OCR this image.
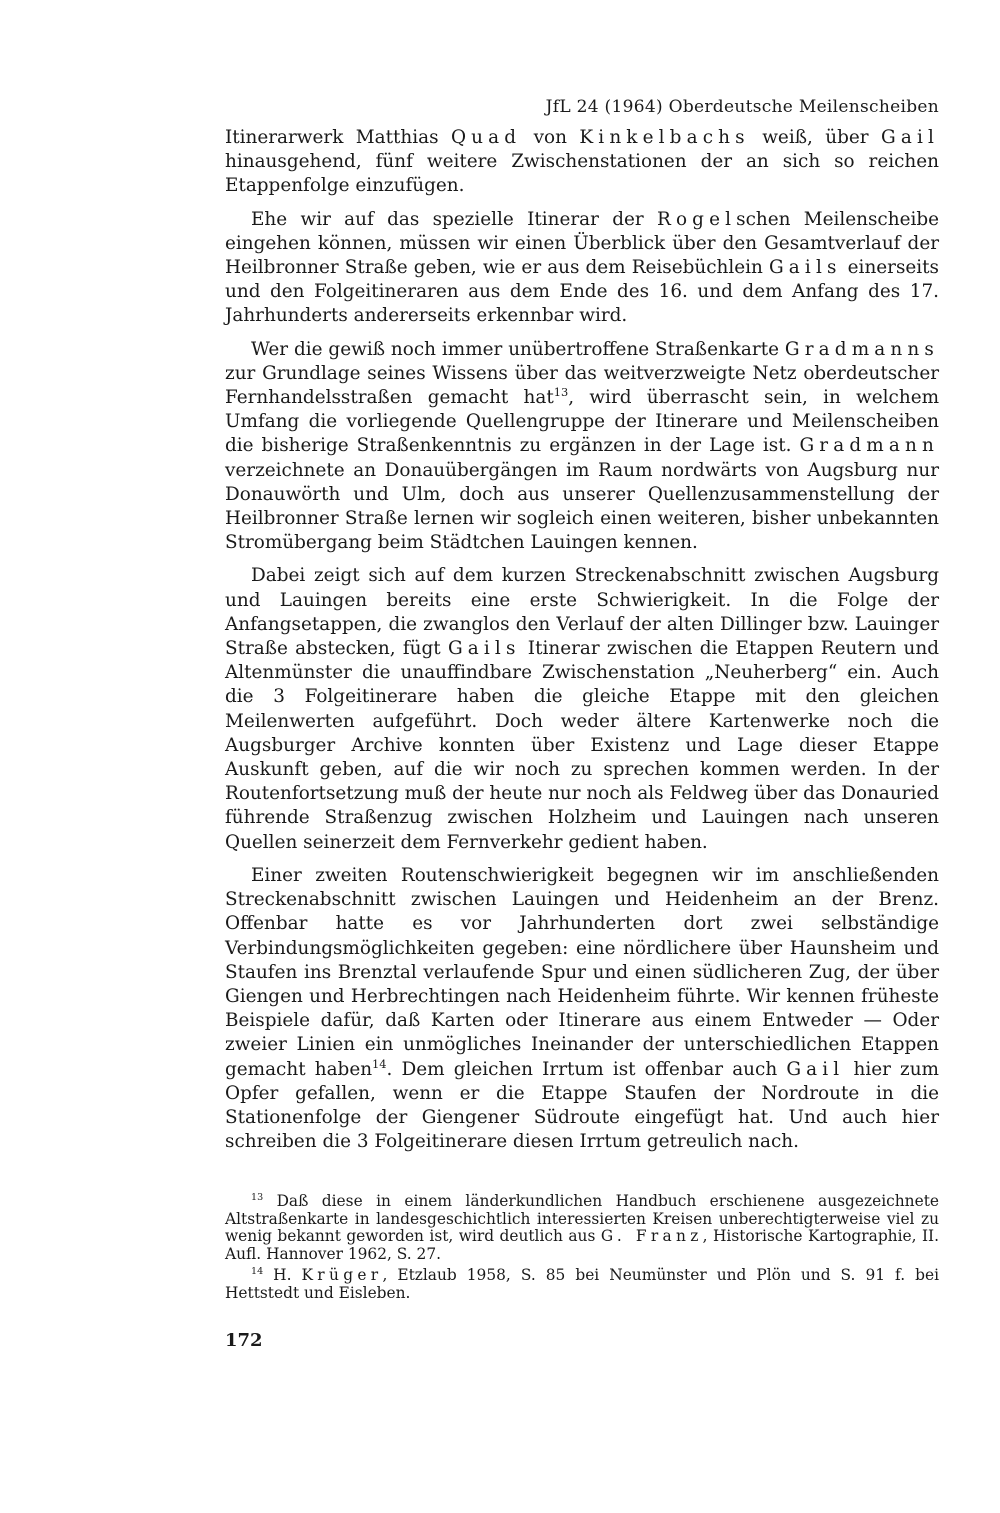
JfL 24 (1964) Oberdeutsche Meilenscheiben

Itinerarwerk Matthias Quad von Kinkelbachs weiß, über Gail hinausgehend, fünf weitere Zwischenstationen der an sich so reichen Etappenfolge einzufügen.

Ehe wir auf das spezielle Itinerar der Rogelschen Meilenscheibe eingehen können, müssen wir einen Überblick über den Gesamtverlauf der Heilbronner Straße geben, wie er aus dem Reisebüchlein Gails einerseits und den Folgeitineraren aus dem Ende des 16. und dem Anfang des 17. Jahrhunderts andererseits erkennbar wird.

Wer die gewiß noch immer unübertroffene Straßenkarte Gradmanns zur Grundlage seines Wissens über das weitverzweigte Netz oberdeutscher Fernhandelsstraßen gemacht hat$^{13}$, wird überrascht sein, in welchem Umfang die vorliegende Quellengruppe der Itinerare und Meilenscheiben die bisherige Straßenkenntnis zu ergänzen in der Lage ist. Gradmann verzeichnete an Donauübergängen im Raum nordwärts von Augsburg nur Donauwörth und Ulm, doch aus unserer Quellenzusammenstellung der Heilbronner Straße lernen wir sogleich einen weiteren, bisher unbekannten Stromübergang beim Städtchen Lauingen kennen.

Dabei zeigt sich auf dem kurzen Streckenabschnitt zwischen Augsburg und Lauingen bereits eine erste Schwierigkeit. In die Folge der Anfangsetappen, die zwanglos den Verlauf der alten Dillinger bzw. Lauinger Straße abstecken, fügt Gails Itinerar zwischen die Etappen Reutern und Altenmünster die unauffindbare Zwischenstation „Neuherberg“ ein. Auch die 3 Folgeitinerare haben die gleiche Etappe mit den gleichen Meilenwerten aufgeführt. Doch weder ältere Kartenwerke noch die Augsburger Archive konnten über Existenz und Lage dieser Etappe Auskunft geben, auf die wir noch zu sprechen kommen werden. In der Routenfortsetzung muß der heute nur noch als Feldweg über das Donauried führende Straßenzug zwischen Holzheim und Lauingen nach unseren Quellen seinerzeit dem Fernverkehr gedient haben.

Einer zweiten Routenschwierigkeit begegnen wir im anschließenden Streckenabschnitt zwischen Lauingen und Heidenheim an der Brenz. Offenbar hatte es vor Jahrhunderten dort zwei selbständige Verbindungsmöglichkeiten gegeben: eine nördlichere über Haunsheim und Staufen ins Brenztal verlaufende Spur und einen südlicheren Zug, der über Giengen und Herbrechtingen nach Heidenheim führte. Wir kennen früheste Beispiele dafür, daß Karten oder Itinerare aus einem Entweder — Oder zweier Linien ein unmögliches Ineinander der unterschiedlichen Etappen gemacht haben$^{14}$. Dem gleichen Irrtum ist offenbar auch Gail hier zum Opfer gefallen, wenn er die Etappe Staufen der Nordroute in die Stationenfolge der Giengener Südroute eingefügt hat. Und auch hier schreiben die 3 Folgeitinerare diesen Irrtum getreulich nach.

$^{13}$ Daß diese in einem länderkundlichen Handbuch erschienene ausgezeichnete Altstraßenkarte in landesgeschichtlich interessierten Kreisen unberechtigterweise viel zu wenig bekannt geworden ist, wird deutlich aus G. Franz, Historische Kartographie, II. Aufl. Hannover 1962, S. 27.

$^{14}$ H. Krüger, Etzlaub 1958, S. 85 bei Neumünster und Plön und S. 91 f. bei Hettstedt und Eisleben.

172
